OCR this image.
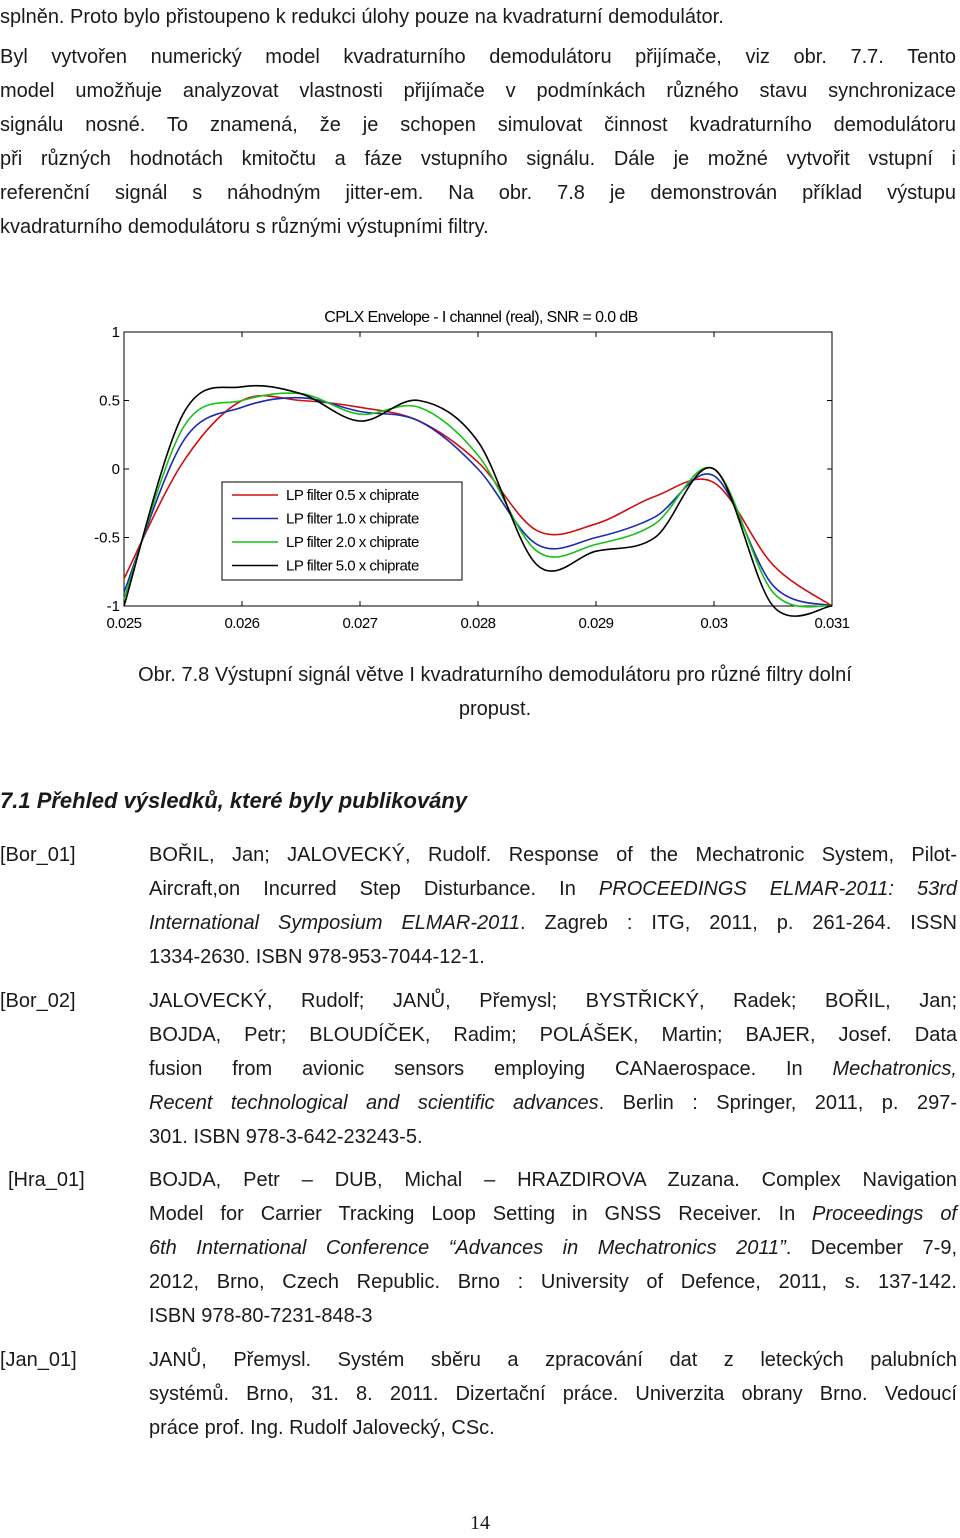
splněn. Proto bylo přistoupeno k redukci úlohy pouze na kvadraturní demodulátor.
Byl vytvořen numerický model kvadraturního demodulátoru přijímače, viz obr. 7.7. Tento
model umožňuje analyzovat vlastnosti přijímače v podmínkách různého stavu synchronizace
signálu nosné. To znamená, že je schopen simulovat činnost kvadraturního demodulátoru
při různých hodnotách kmitočtu a fáze vstupního signálu. Dále je možné vytvořit vstupní i
referenční signál s náhodným jitter-em. Na obr. 7.8 je demonstrován příklad výstupu
kvadraturního demodulátoru s různými výstupními filtry.
CPLX Envelope - I channel (real), SNR = 0.0 dB
1
0.5
0
-0.5
-1
0.025	0.026	0.027	0.028	0.029	0.03	0.031
LP filter 0.5 x chiprate
LP filter 1.0 x chiprate
LP filter 2.0 x chiprate
LP filter 5.0 x chiprate
Obr. 7.8 Výstupní signál větve I kvadraturního demodulátoru pro různé filtry dolní
propust.
7.1 Přehled výsledků, které byly publikovány
[Bor_01]	BOŘIL, Jan; JALOVECKÝ, Rudolf. Response of the Mechatronic System, Pilot-
Aircraft,on Incurred Step Disturbance. In PROCEEDINGS ELMAR-2011: 53rd
International Symposium ELMAR-2011. Zagreb : ITG, 2011, p. 261-264. ISSN
1334-2630. ISBN 978-953-7044-12-1.
[Bor_02]	JALOVECKÝ, Rudolf; JANŮ, Přemysl; BYSTŘICKÝ, Radek; BOŘIL, Jan;
BOJDA, Petr; BLOUDÍČEK, Radim; POLÁŠEK, Martin; BAJER, Josef. Data
fusion from avionic sensors employing CANaerospace. In Mechatronics,
Recent technological and scientific advances. Berlin : Springer, 2011, p. 297-
301. ISBN 978-3-642-23243-5.
[Hra_01]	BOJDA, Petr – DUB, Michal – HRAZDIROVA Zuzana. Complex Navigation
Model for Carrier Tracking Loop Setting in GNSS Receiver. In Proceedings of
6th International Conference “Advances in Mechatronics 2011”. December 7-9,
2012, Brno, Czech Republic. Brno : University of Defence, 2011, s. 137-142.
ISBN 978-80-7231-848-3
[Jan_01]	JANŮ, Přemysl. Systém sběru a zpracování dat z leteckých palubních
systémů. Brno, 31. 8. 2011. Dizertační práce. Univerzita obrany Brno. Vedoucí
práce prof. Ing. Rudolf Jalovecký, CSc.
14
